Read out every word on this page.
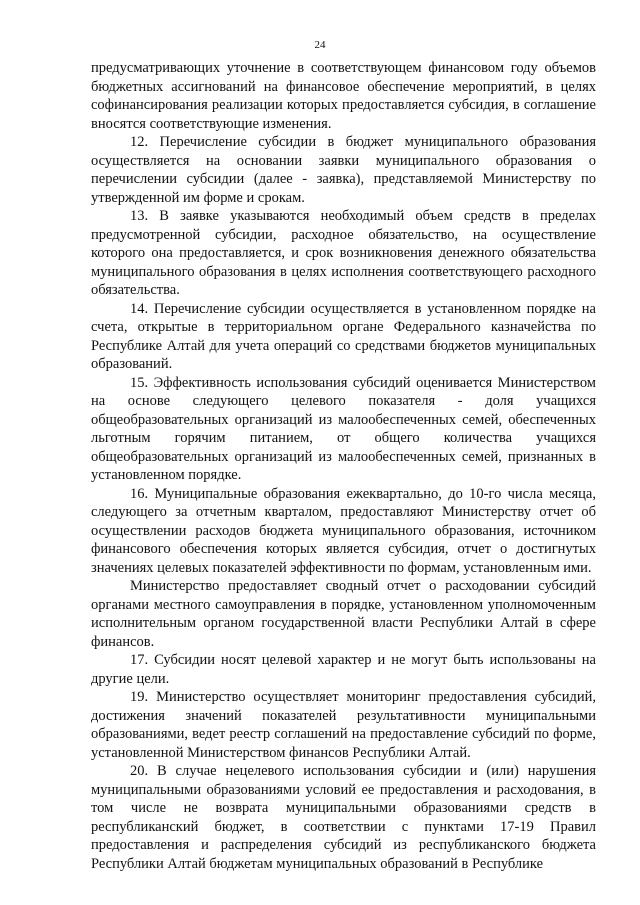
24

предусматривающих уточнение в соответствующем финансовом году объемов бюджетных ассигнований на финансовое обеспечение мероприятий, в целях софинансирования реализации которых предоставляется субсидия, в соглашение вносятся соответствующие изменения.

12. Перечисление субсидии в бюджет муниципального образования осуществляется на основании заявки муниципального образования о перечислении субсидии (далее - заявка), представляемой Министерству по утвержденной им форме и срокам.

13. В заявке указываются необходимый объем средств в пределах предусмотренной субсидии, расходное обязательство, на осуществление которого она предоставляется, и срок возникновения денежного обязательства муниципального образования в целях исполнения соответствующего расходного обязательства.

14. Перечисление субсидии осуществляется в установленном порядке на счета, открытые в территориальном органе Федерального казначейства по Республике Алтай для учета операций со средствами бюджетов муниципальных образований.

15. Эффективность использования субсидий оценивается Министерством на основе следующего целевого показателя - доля учащихся общеобразовательных организаций из малообеспеченных семей, обеспеченных льготным горячим питанием, от общего количества учащихся общеобразовательных организаций из малообеспеченных семей, признанных в установленном порядке.

16. Муниципальные образования ежеквартально, до 10-го числа месяца, следующего за отчетным кварталом, предоставляют Министерству отчет об осуществлении расходов бюджета муниципального образования, источником финансового обеспечения которых является субсидия, отчет о достигнутых значениях целевых показателей эффективности по формам, установленным ими.

Министерство предоставляет сводный отчет о расходовании субсидий органами местного самоуправления в порядке, установленном уполномоченным исполнительным органом государственной власти Республики Алтай в сфере финансов.

17. Субсидии носят целевой характер и не могут быть использованы на другие цели.

19. Министерство осуществляет мониторинг предоставления субсидий, достижения значений показателей результативности муниципальными образованиями, ведет реестр соглашений на предоставление субсидий по форме, установленной Министерством финансов Республики Алтай.

20. В случае нецелевого использования субсидии и (или) нарушения муниципальными образованиями условий ее предоставления и расходования, в том числе не возврата муниципальными образованиями средств в республиканский бюджет, в соответствии с пунктами 17-19 Правил предоставления и распределения субсидий из республиканского бюджета Республики Алтай бюджетам муниципальных образований в Республике
